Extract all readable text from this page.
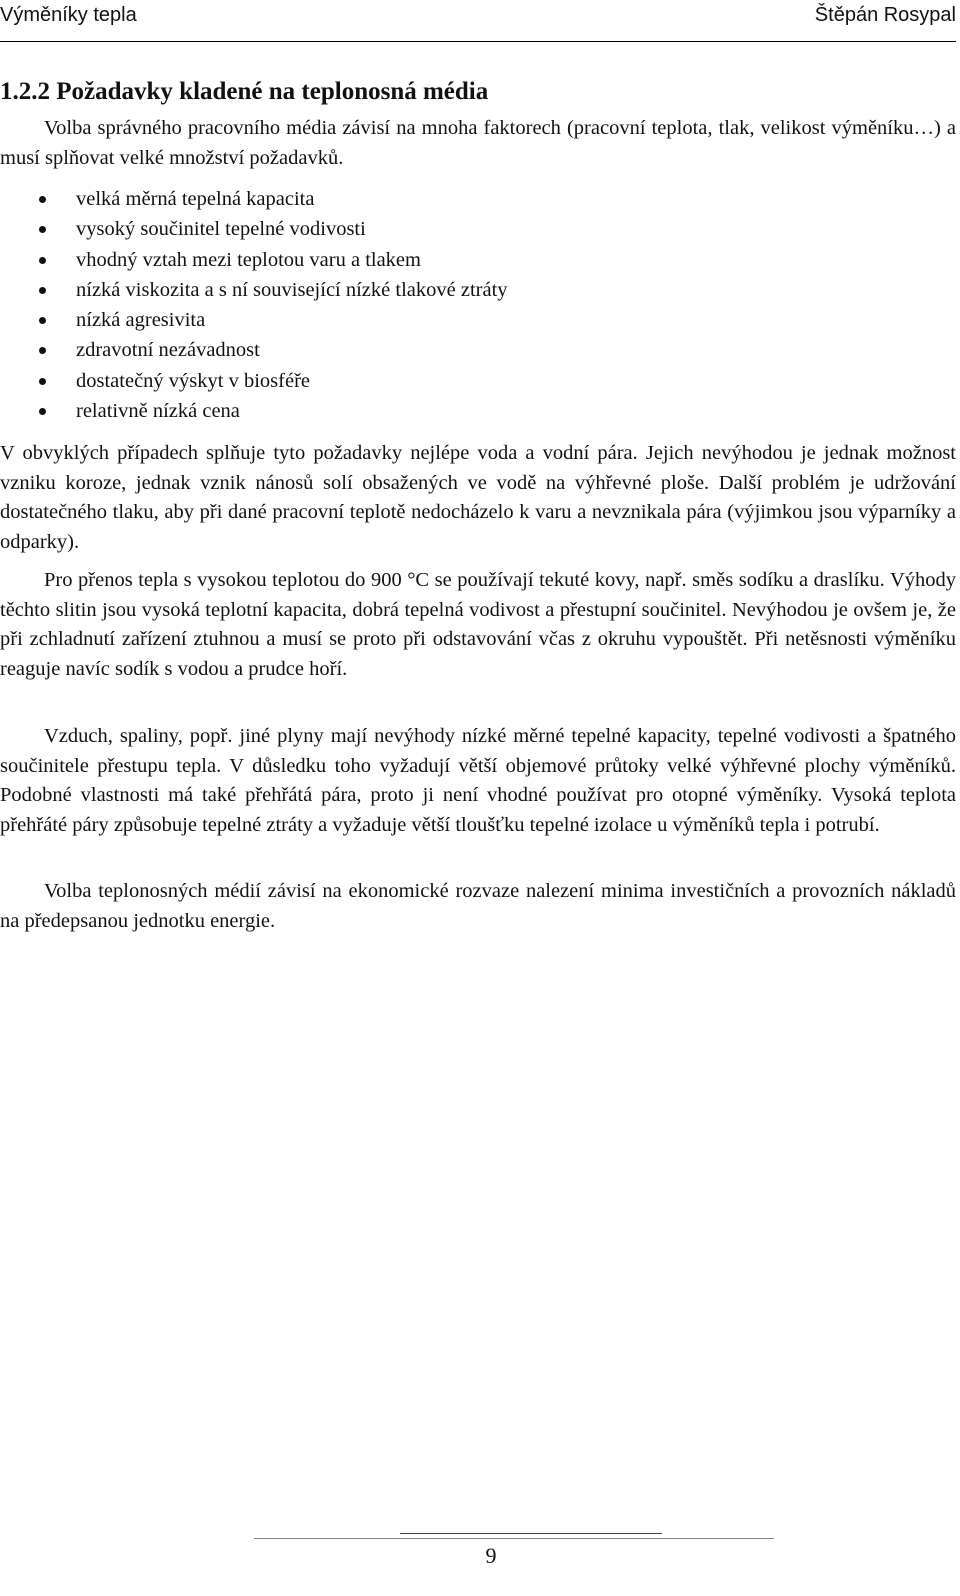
Výměníky tepla	Štěpán Rosypal
1.2.2 Požadavky kladené na teplonosná média

Volba správného pracovního média závisí na mnoha faktorech (pracovní teplota, tlak, velikost výměníku…) a musí splňovat velké množství požadavků.

velká měrná tepelná kapacita
vysoký součinitel tepelné vodivosti
vhodný vztah mezi teplotou varu a tlakem
nízká viskozita a s ní související nízké tlakové ztráty
nízká agresivita
zdravotní nezávadnost
dostatečný výskyt v biosféře
relativně nízká cena

V obvyklých případech splňuje tyto požadavky nejlépe voda a vodní pára. Jejich nevýhodou je jednak možnost vzniku koroze, jednak vznik nánosů solí obsažených ve vodě na výhřevné ploše. Další problém je udržování dostatečného tlaku, aby při dané pracovní teplotě nedocházelo k varu a nevznikala pára (výjimkou jsou výparníky a odparky).

Pro přenos tepla s vysokou teplotou do 900 °C se používají tekuté kovy, např. směs sodíku a draslíku. Výhody těchto slitin jsou vysoká teplotní kapacita, dobrá tepelná vodivost a přestupní součinitel. Nevýhodou je ovšem je, že při zchladnutí zařízení ztuhnou a musí se proto při odstavování včas z okruhu vypouštět. Při netěsnosti výměníku reaguje navíc sodík s vodou a prudce hoří.

Vzduch, spaliny, popř. jiné plyny mají nevýhody nízké měrné tepelné kapacity, tepelné vodivosti a špatného součinitele přestupu tepla. V důsledku toho vyžadují větší objemové průtoky velké výhřevné plochy výměníků. Podobné vlastnosti má také přehřátá pára, proto ji není vhodné používat pro otopné výměníky. Vysoká teplota přehřáté páry způsobuje tepelné ztráty a vyžaduje větší tloušťku tepelné izolace u výměníků tepla i potrubí.

Volba teplonosných médií závisí na ekonomické rozvaze nalezení minima investičních a provozních nákladů na předepsanou jednotku energie.

9
